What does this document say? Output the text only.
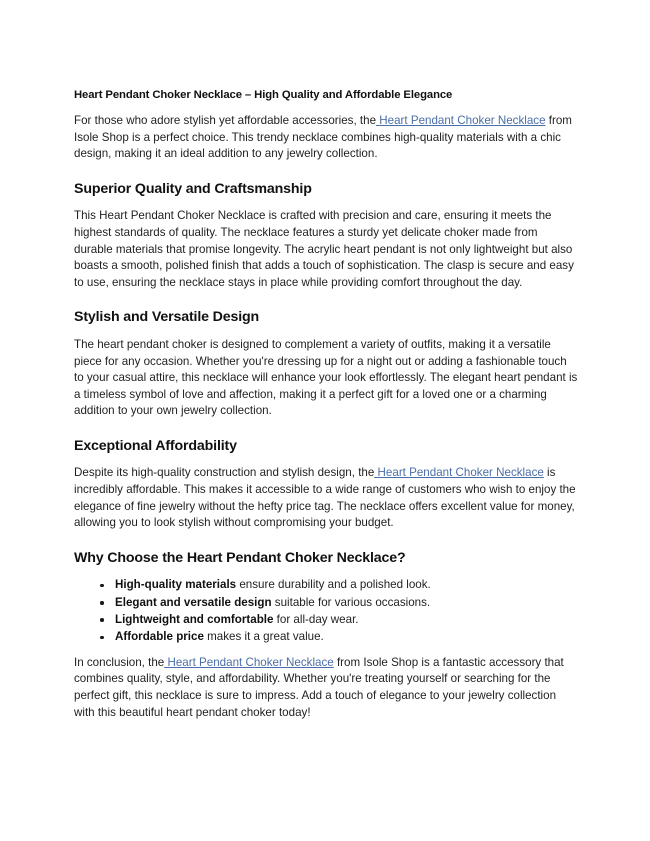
Heart Pendant Choker Necklace – High Quality and Affordable Elegance

For those who adore stylish yet affordable accessories, the Heart Pendant Choker Necklace from Isole Shop is a perfect choice. This trendy necklace combines high-quality materials with a chic design, making it an ideal addition to any jewelry collection.

Superior Quality and Craftsmanship

This Heart Pendant Choker Necklace is crafted with precision and care, ensuring it meets the highest standards of quality. The necklace features a sturdy yet delicate choker made from durable materials that promise longevity. The acrylic heart pendant is not only lightweight but also boasts a smooth, polished finish that adds a touch of sophistication. The clasp is secure and easy to use, ensuring the necklace stays in place while providing comfort throughout the day.

Stylish and Versatile Design

The heart pendant choker is designed to complement a variety of outfits, making it a versatile piece for any occasion. Whether you're dressing up for a night out or adding a fashionable touch to your casual attire, this necklace will enhance your look effortlessly. The elegant heart pendant is a timeless symbol of love and affection, making it a perfect gift for a loved one or a charming addition to your own jewelry collection.

Exceptional Affordability

Despite its high-quality construction and stylish design, the Heart Pendant Choker Necklace is incredibly affordable. This makes it accessible to a wide range of customers who wish to enjoy the elegance of fine jewelry without the hefty price tag. The necklace offers excellent value for money, allowing you to look stylish without compromising your budget.

Why Choose the Heart Pendant Choker Necklace?
High-quality materials ensure durability and a polished look.
Elegant and versatile design suitable for various occasions.
Lightweight and comfortable for all-day wear.
Affordable price makes it a great value.

In conclusion, the Heart Pendant Choker Necklace from Isole Shop is a fantastic accessory that combines quality, style, and affordability. Whether you're treating yourself or searching for the perfect gift, this necklace is sure to impress. Add a touch of elegance to your jewelry collection with this beautiful heart pendant choker today!
